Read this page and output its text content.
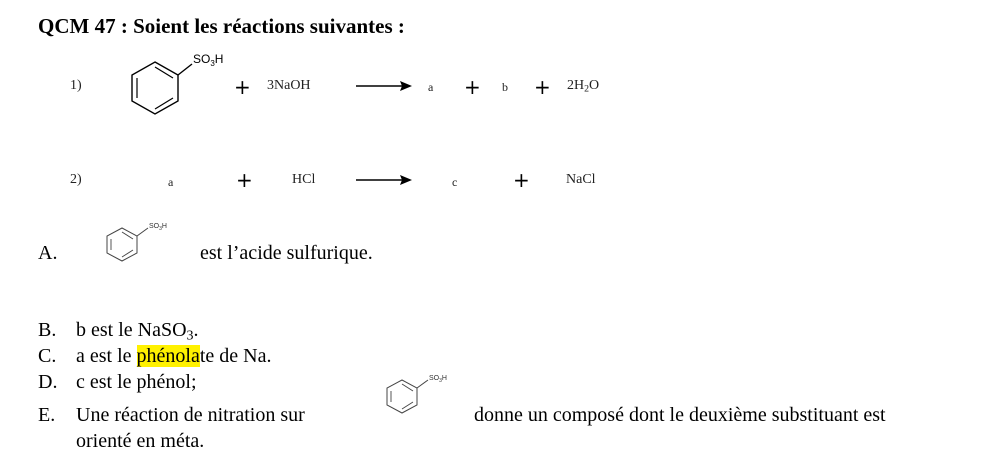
QCM 47 : Soient les réactions suivantes :
1)
$SO_3H$
+ 3NaOH	→ $a + b + 2H_2O$
2)	a	+	HCl	c	+	NaCl
A.
$SO_3H$
est l’acide sulfurique.
B. b est le NaSO$_3$.
C. a est le phénolate de Na.
D. c est le phénol;
E. Une réaction de nitration sur
$SO_3H$
donne un composé dont le deuxième substituant est
orienté en méta.
